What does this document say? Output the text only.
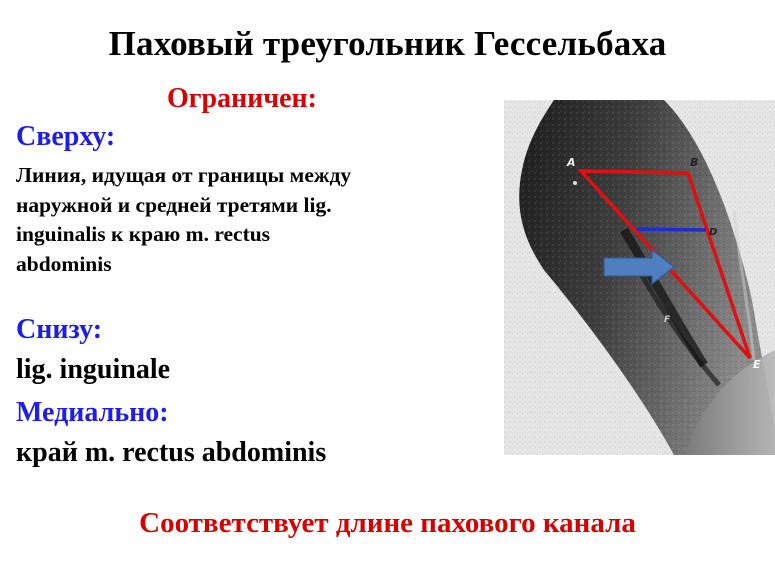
Паховый треугольник Гессельбаха
Ограничен:
Сверху:
Линия, идущая от границы между
наружной и средней третями lig.
inguinalis к краю m. rectus
abdominis
Снизу:
lig. inguinale
Медиально:
край m. rectus abdominis
Соответствует длине пахового канала
A	B
D
E
F
